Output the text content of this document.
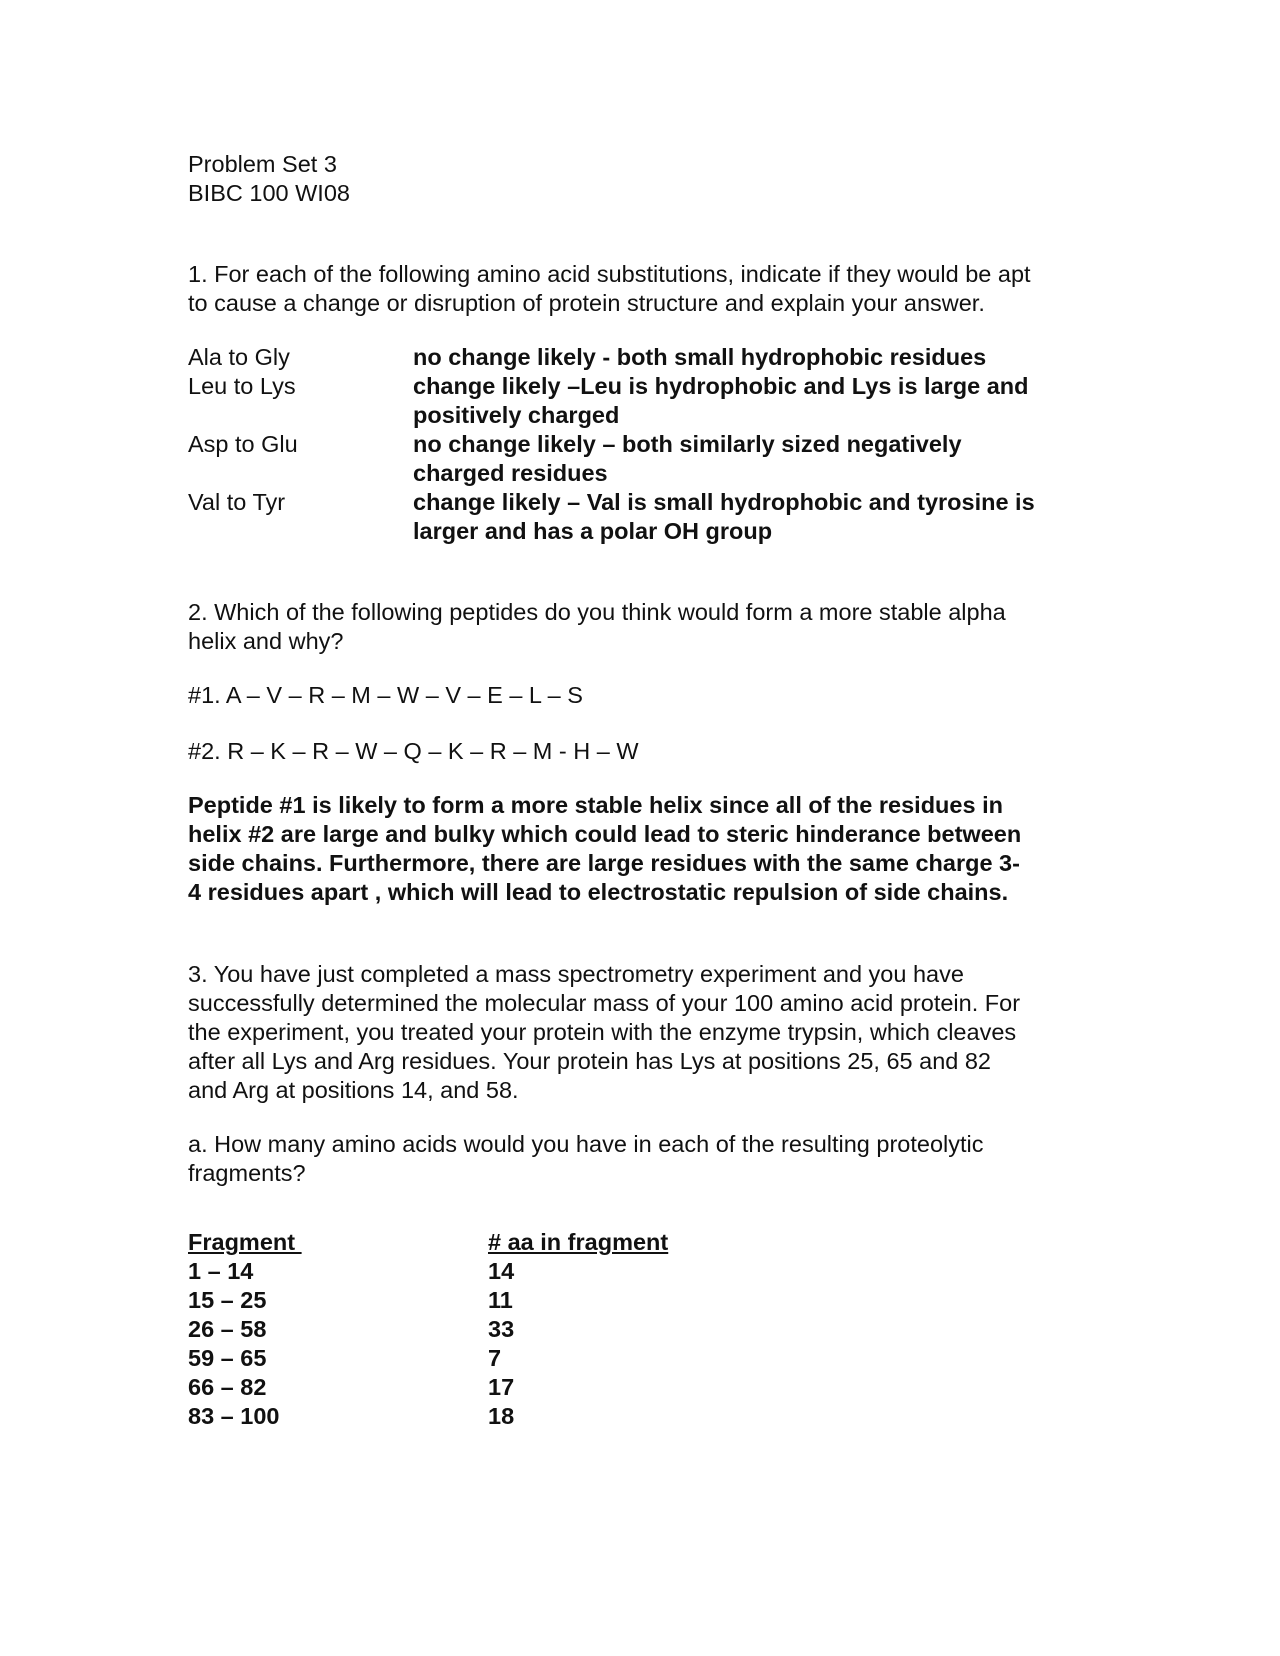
Problem Set 3
BIBC 100 WI08
1. For each of the following amino acid substitutions, indicate if they would be apt
to cause a change or disruption of protein structure and explain your answer.
Ala to Gly	no change likely - both small hydrophobic residues
Leu to Lys	change likely –Leu is hydrophobic and Lys is large and
positively charged
Asp to Glu	no change likely – both similarly sized negatively
charged residues
Val to Tyr	change likely – Val is small hydrophobic and tyrosine is
larger and has a polar OH group
2. Which of the following peptides do you think would form a more stable alpha
helix and why?
#1. A – V – R – M – W – V – E – L – S
#2. R – K – R – W – Q – K – R – M - H – W
Peptide #1 is likely to form a more stable helix since all of the residues in
helix #2 are large and bulky which could lead to steric hinderance between
side chains. Furthermore, there are large residues with the same charge 3-
4 residues apart , which will lead to electrostatic repulsion of side chains.
3. You have just completed a mass spectrometry experiment and you have
successfully determined the molecular mass of your 100 amino acid protein. For
the experiment, you treated your protein with the enzyme trypsin, which cleaves
after all Lys and Arg residues. Your protein has Lys at positions 25, 65 and 82
and Arg at positions 14, and 58.
a. How many amino acids would you have in each of the resulting proteolytic
fragments?
Fragment	# aa in fragment
1 – 14	14
15 – 25	11
26 – 58	33
59 – 65	7
66 – 82	17
83 – 100	18
